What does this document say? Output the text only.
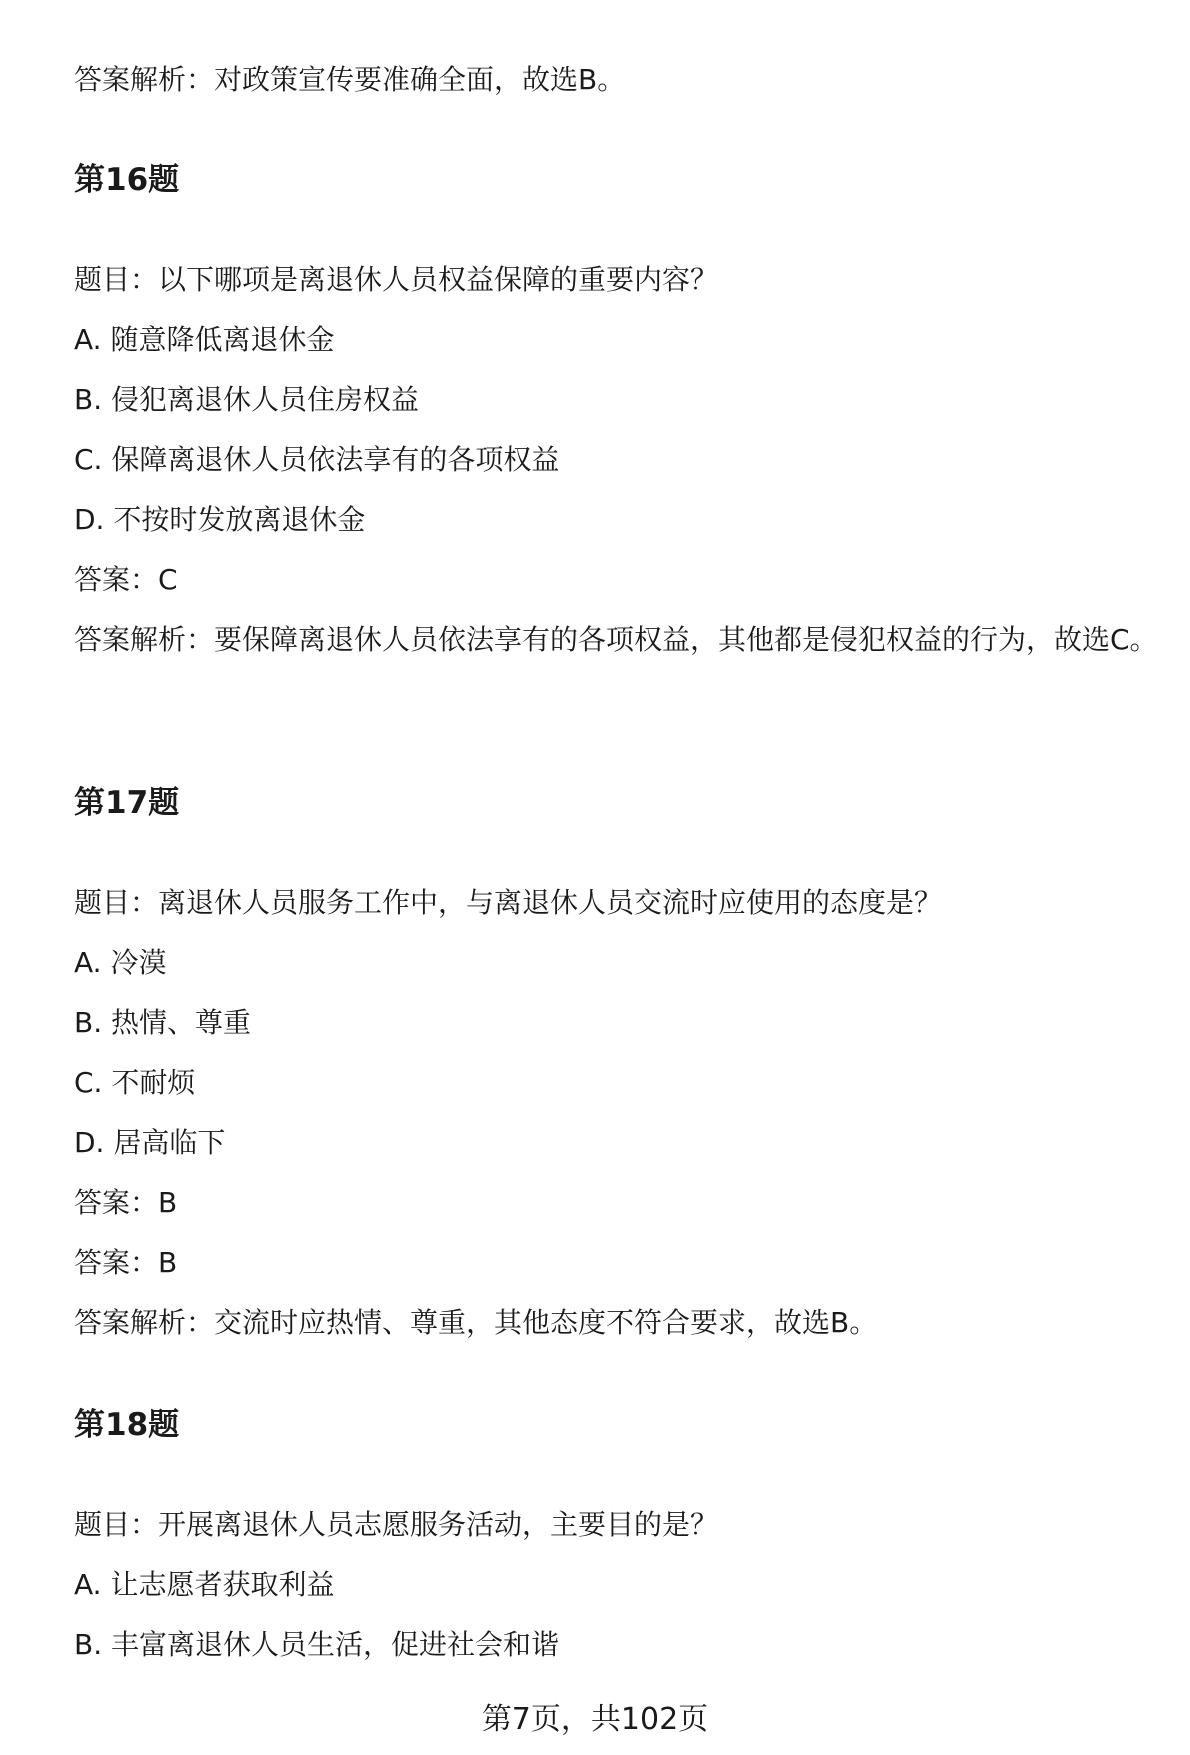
答案解析：对政策宣传要准确全面，故选B。
第16题
题目：以下哪项是离退休人员权益保障的重要内容？
A. 随意降低离退休金
B. 侵犯离退休人员住房权益
C. 保障离退休人员依法享有的各项权益
D. 不按时发放离退休金
答案：C
答案解析：要保障离退休人员依法享有的各项权益，其他都是侵犯权益的行为，故选C。
第17题
题目：离退休人员服务工作中，与离退休人员交流时应使用的态度是？
A. 冷漠
B. 热情、尊重
C. 不耐烦
D. 居高临下
答案：B
答案：B
答案解析：交流时应热情、尊重，其他态度不符合要求，故选B。
第18题
题目：开展离退休人员志愿服务活动，主要目的是？
A. 让志愿者获取利益
B. 丰富离退休人员生活，促进社会和谐
第7页，共102页
